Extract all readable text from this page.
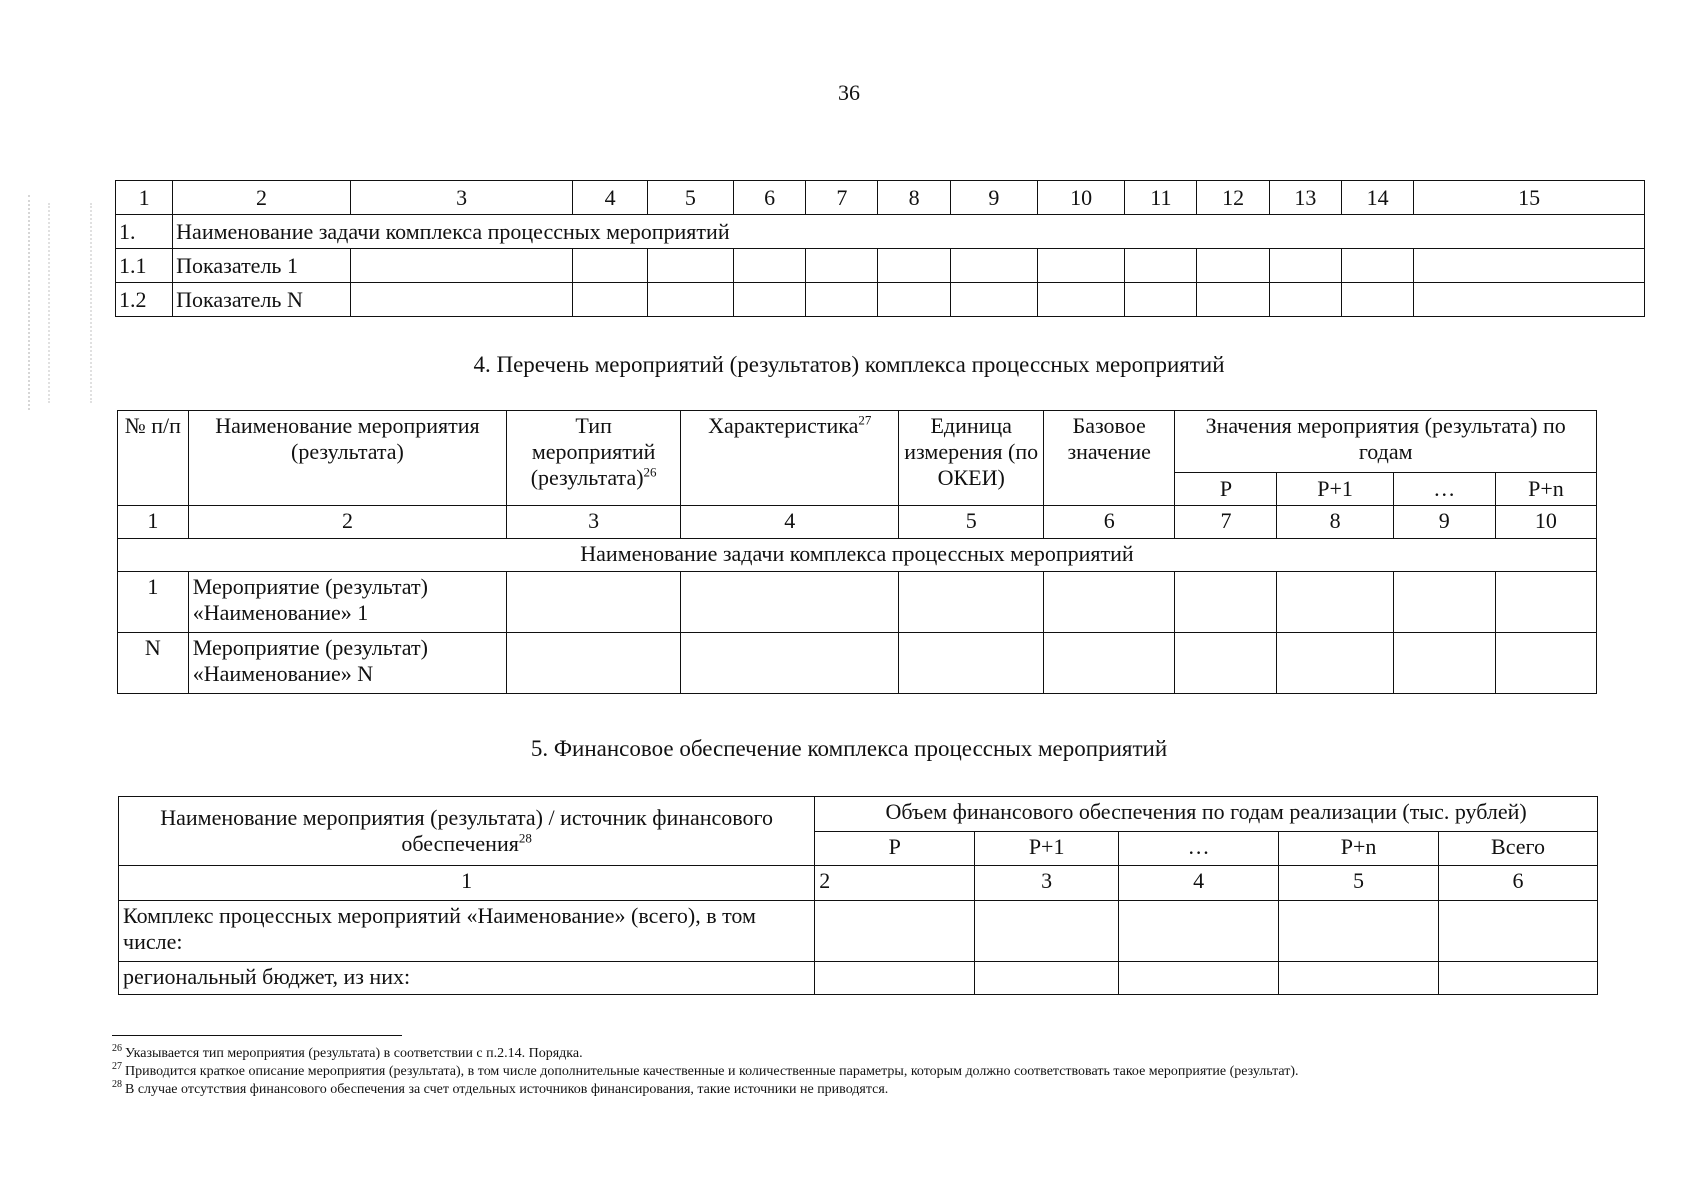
36
1	2	3	4	5	6	7	8	9	10	11	12	13	14	15
1.	Наименование задачи комплекса процессных мероприятий													
1.1	Показатель 1													
1.2	Показатель N													
4. Перечень мероприятий (результатов) комплекса процессных мероприятий
№ п/п	Наименование мероприятия (результата)	Тип мероприятий (результата)$^{26}$	Характеристика$^{27}$	Единица измерения (по ОКЕИ)	Базовое значение	Значения мероприятия (результата) по годам			
						Р	Р+1	…	Р+n
1	2	3	4	5	6	7	8	9	10
Наименование задачи комплекса процессных мероприятий									
1	Мероприятие (результат)
«Наименование» 1								

N	Мероприятие (результат)
«Наименование» N								

5. Финансовое обеспечение комплекса процессных мероприятий
Наименование мероприятия (результата) / источник финансового обеспечения$^{28}$	Объем финансового обеспечения по годам реализации (тыс. рублей)				
	Р	Р+1	…	Р+n	Всего
1	2	3	4	5	6
Комплекс процессных мероприятий «Наименование» (всего), в том числе:					
региональный бюджет, из них:					

$^{26}$ Указывается тип мероприятия (результата) в соответствии с п.2.14. Порядка.

$^{27}$ Приводится краткое описание мероприятия (результата), в том числе дополнительные качественные и количественные параметры, которым должно соответствовать такое мероприятие (результат).

$^{28}$ В случае отсутствия финансового обеспечения за счет отдельных источников финансирования, такие источники не приводятся.
